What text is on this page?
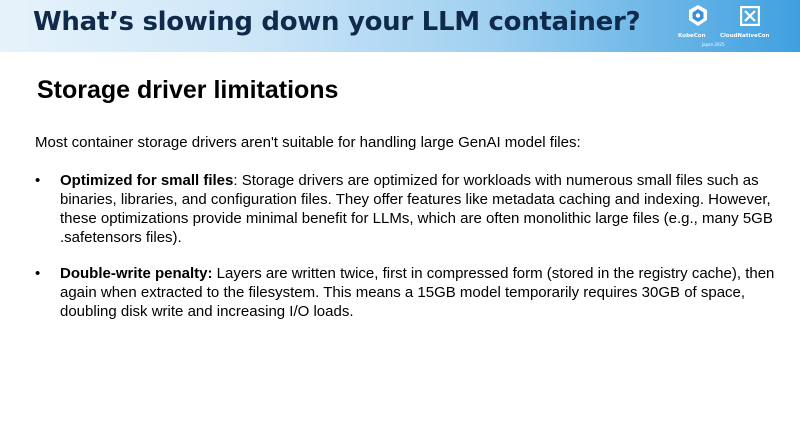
What’s slowing down your LLM container?	KubeCon	CloudNativeCon
Japan 2025
Storage driver limitations
Most container storage drivers aren't suitable for handling large GenAI model files:
• Optimized for small files: Storage drivers are optimized for workloads with numerous small files such as binaries, libraries, and configuration files. They offer features like metadata caching and indexing. However, these optimizations provide minimal benefit for LLMs, which are often monolithic large files (e.g., many 5GB .safetensors files).
• Double-write penalty: Layers are written twice, first in compressed form (stored in the registry cache), then again when extracted to the filesystem. This means a 15GB model temporarily requires 30GB of space, doubling disk write and increasing I/O loads.
